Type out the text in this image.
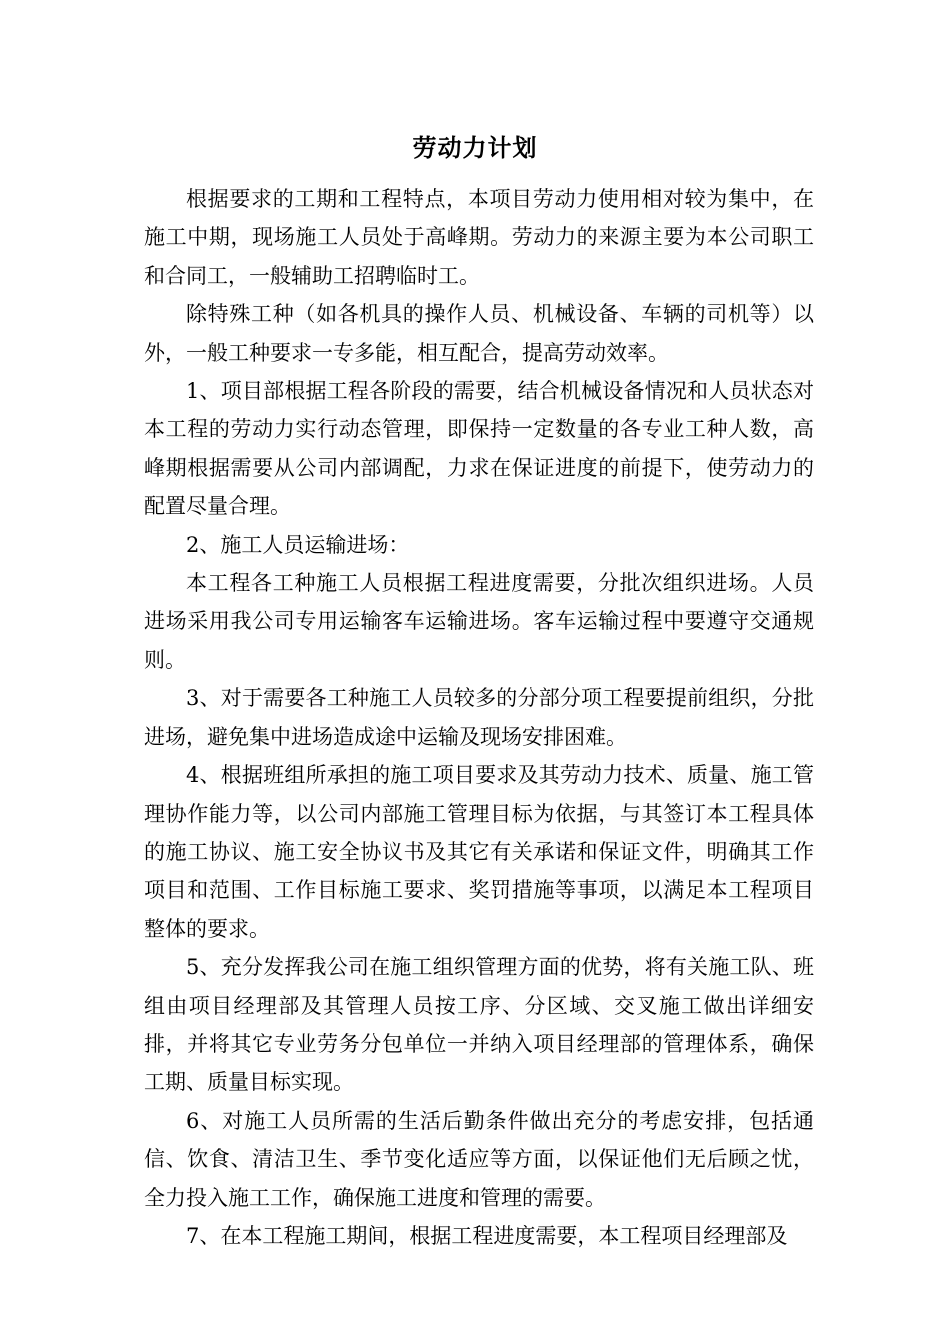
劳动力计划

根据要求的工期和工程特点，本项目劳动力使用相对较为集中，在施工中期，现场施工人员处于高峰期。劳动力的来源主要为本公司职工和合同工，一般辅助工招聘临时工。

除特殊工种（如各机具的操作人员、机械设备、车辆的司机等）以外，一般工种要求一专多能，相互配合，提高劳动效率。

1、项目部根据工程各阶段的需要，结合机械设备情况和人员状态对本工程的劳动力实行动态管理，即保持一定数量的各专业工种人数，高峰期根据需要从公司内部调配，力求在保证进度的前提下，使劳动力的配置尽量合理。

2、施工人员运输进场：

本工程各工种施工人员根据工程进度需要，分批次组织进场。人员进场采用我公司专用运输客车运输进场。客车运输过程中要遵守交通规则。

3、对于需要各工种施工人员较多的分部分项工程要提前组织，分批进场，避免集中进场造成途中运输及现场安排困难。

4、根据班组所承担的施工项目要求及其劳动力技术、质量、施工管理协作能力等，以公司内部施工管理目标为依据，与其签订本工程具体的施工协议、施工安全协议书及其它有关承诺和保证文件，明确其工作项目和范围、工作目标施工要求、奖罚措施等事项，以满足本工程项目整体的要求。

5、充分发挥我公司在施工组织管理方面的优势，将有关施工队、班组由项目经理部及其管理人员按工序、分区域、交叉施工做出详细安排，并将其它专业劳务分包单位一并纳入项目经理部的管理体系，确保工期、质量目标实现。

6、对施工人员所需的生活后勤条件做出充分的考虑安排，包括通信、饮食、清洁卫生、季节变化适应等方面，以保证他们无后顾之忧，全力投入施工工作，确保施工进度和管理的需要。

7、在本工程施工期间，根据工程进度需要，本工程项目经理部及
